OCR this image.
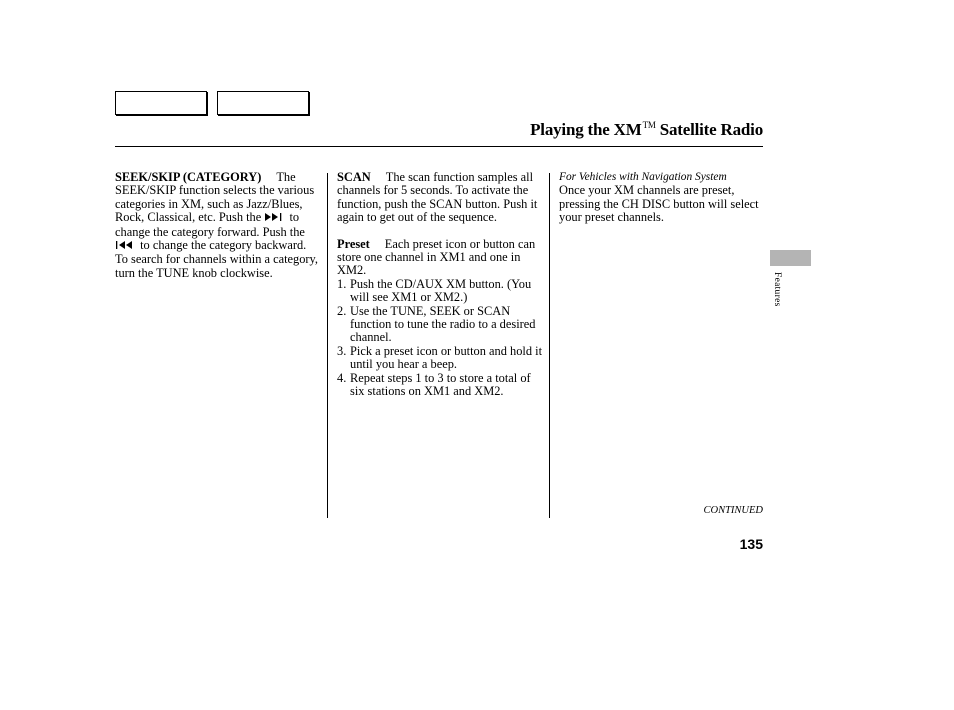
Playing the XM™ Satellite Radio

SEEK/SKIP (CATEGORY) The SEEK/SKIP function selects the various categories in XM, such as Jazz/Blues, Rock, Classical, etc. Push the to change the category forward. Push the  to change the category backward. To search for channels within a category, turn the TUNE knob clockwise.

SCAN The scan function samples all channels for 5 seconds. To activate the function, push the SCAN button. Push it again to get out of the sequence.

Preset Each preset icon or button can store one channel in XM1 and one in XM2.

1. Push the CD/AUX XM button. (You will see XM1 or XM2.)
2. Use the TUNE, SEEK or SCAN function to tune the radio to a desired channel.
3. Pick a preset icon or button and hold it until you hear a beep.
4. Repeat steps 1 to 3 to store a total of six stations on XM1 and XM2.
For Vehicles with Navigation System

Once your XM channels are preset, pressing the CH DISC button will select your preset channels.

Features
CONTINUED
135
